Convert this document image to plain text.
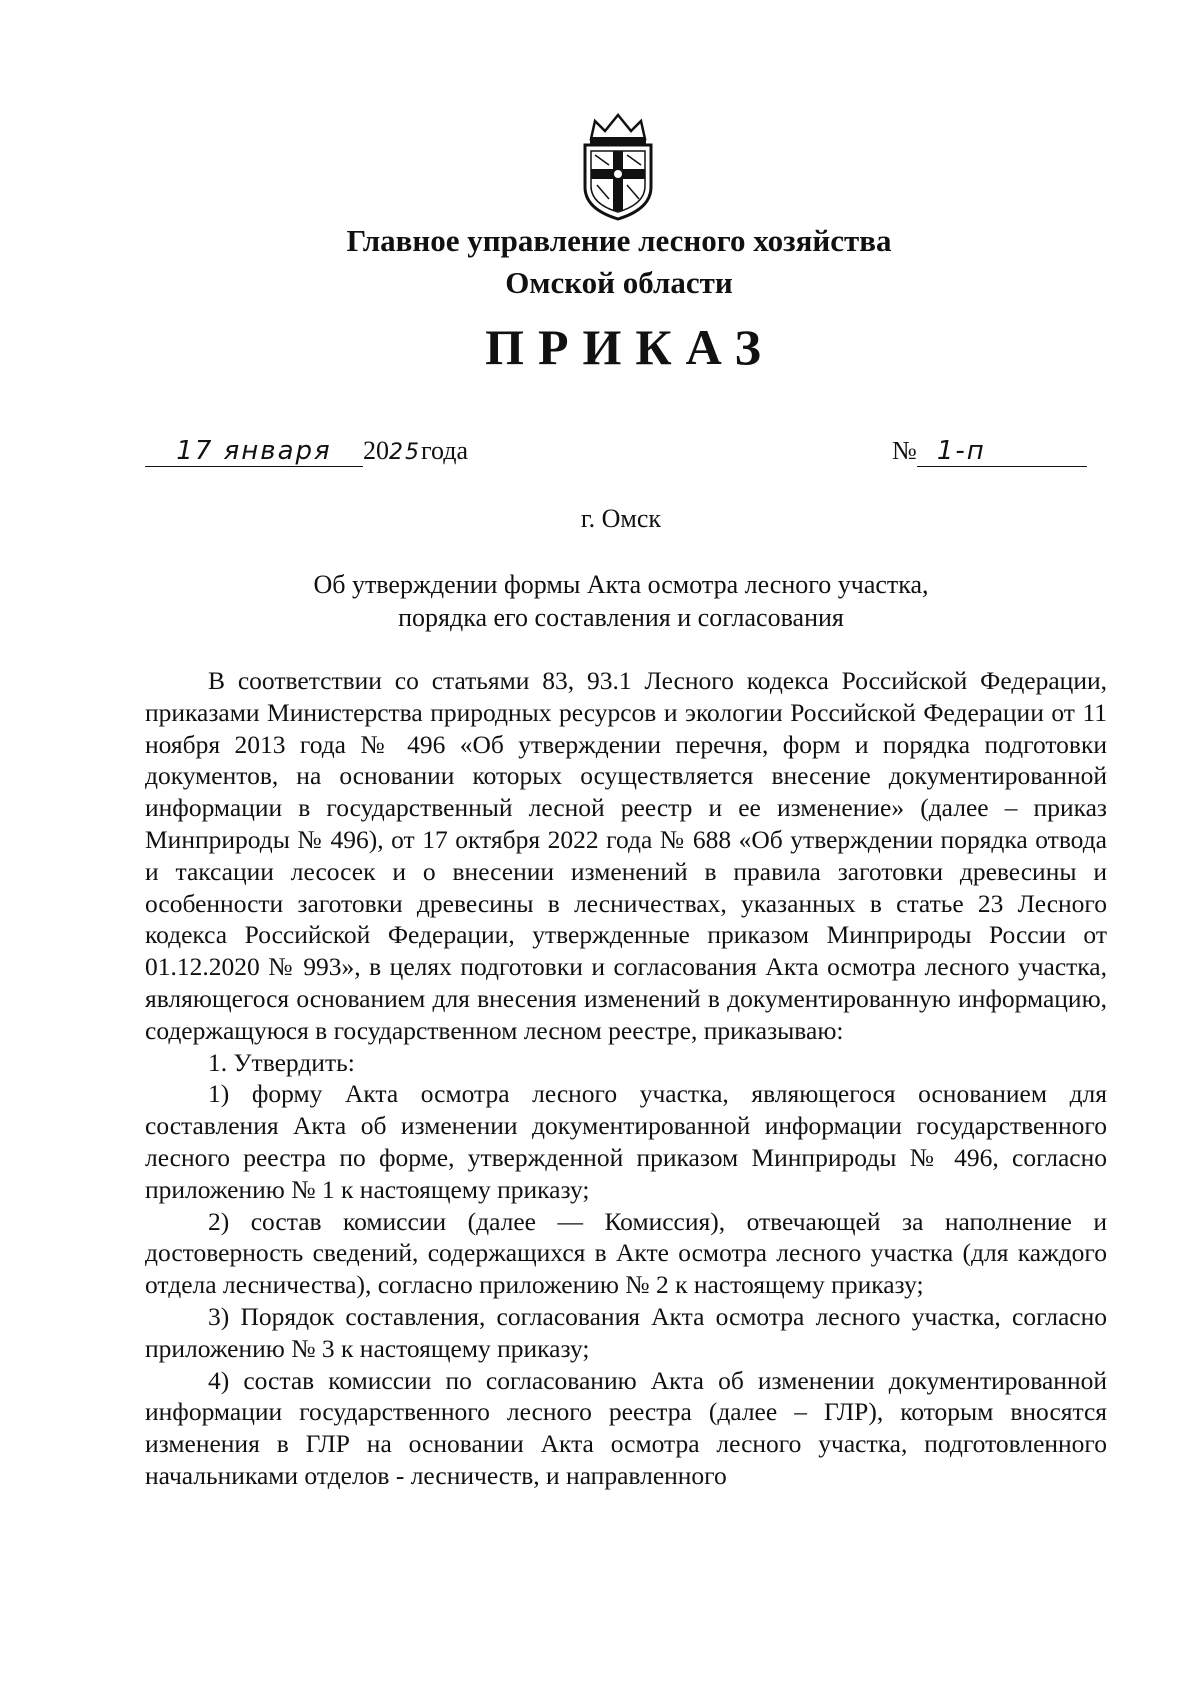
Главное управление лесного хозяйства
Омской области
ПРИКАЗ
17 января 2025года	№ 1-п
г. Омск
Об утверждении формы Акта осмотра лесного участка,
порядка его составления и согласования

В соответствии со статьями 83, 93.1 Лесного кодекса Российской Федерации, приказами Министерства природных ресурсов и экологии Российской Федерации от 11 ноября 2013 года № 496 «Об утверждении перечня, форм и порядка подготовки документов, на основании которых осуществляется внесение документированной информации в государственный лесной реестр и ее изменение» (далее – приказ Минприроды № 496), от 17 октября 2022 года № 688 «Об утверждении порядка отвода и таксации лесосек и о внесении изменений в правила заготовки древесины и особенности заготовки древесины в лесничествах, указанных в статье 23 Лесного кодекса Российской Федерации, утвержденные приказом Минприроды России от 01.12.2020 № 993», в целях подготовки и согласования Акта осмотра лесного участка, являющегося основанием для внесения изменений в документированную информацию, содержащуюся в государственном лесном реестре, приказываю:

1. Утвердить:

1) форму Акта осмотра лесного участка, являющегося основанием для составления Акта об изменении документированной информации государственного лесного реестра по форме, утвержденной приказом Минприроды № 496, согласно приложению № 1 к настоящему приказу;

2) состав комиссии (далее — Комиссия), отвечающей за наполнение и достоверность сведений, содержащихся в Акте осмотра лесного участка (для каждого отдела лесничества), согласно приложению № 2 к настоящему приказу;

3) Порядок составления, согласования Акта осмотра лесного участка, согласно приложению № 3 к настоящему приказу;

4) состав комиссии по согласованию Акта об изменении документированной информации государственного лесного реестра (далее – ГЛР), которым вносятся изменения в ГЛР на основании Акта осмотра лесного участка, подготовленного начальниками отделов - лесничеств, и направленного
